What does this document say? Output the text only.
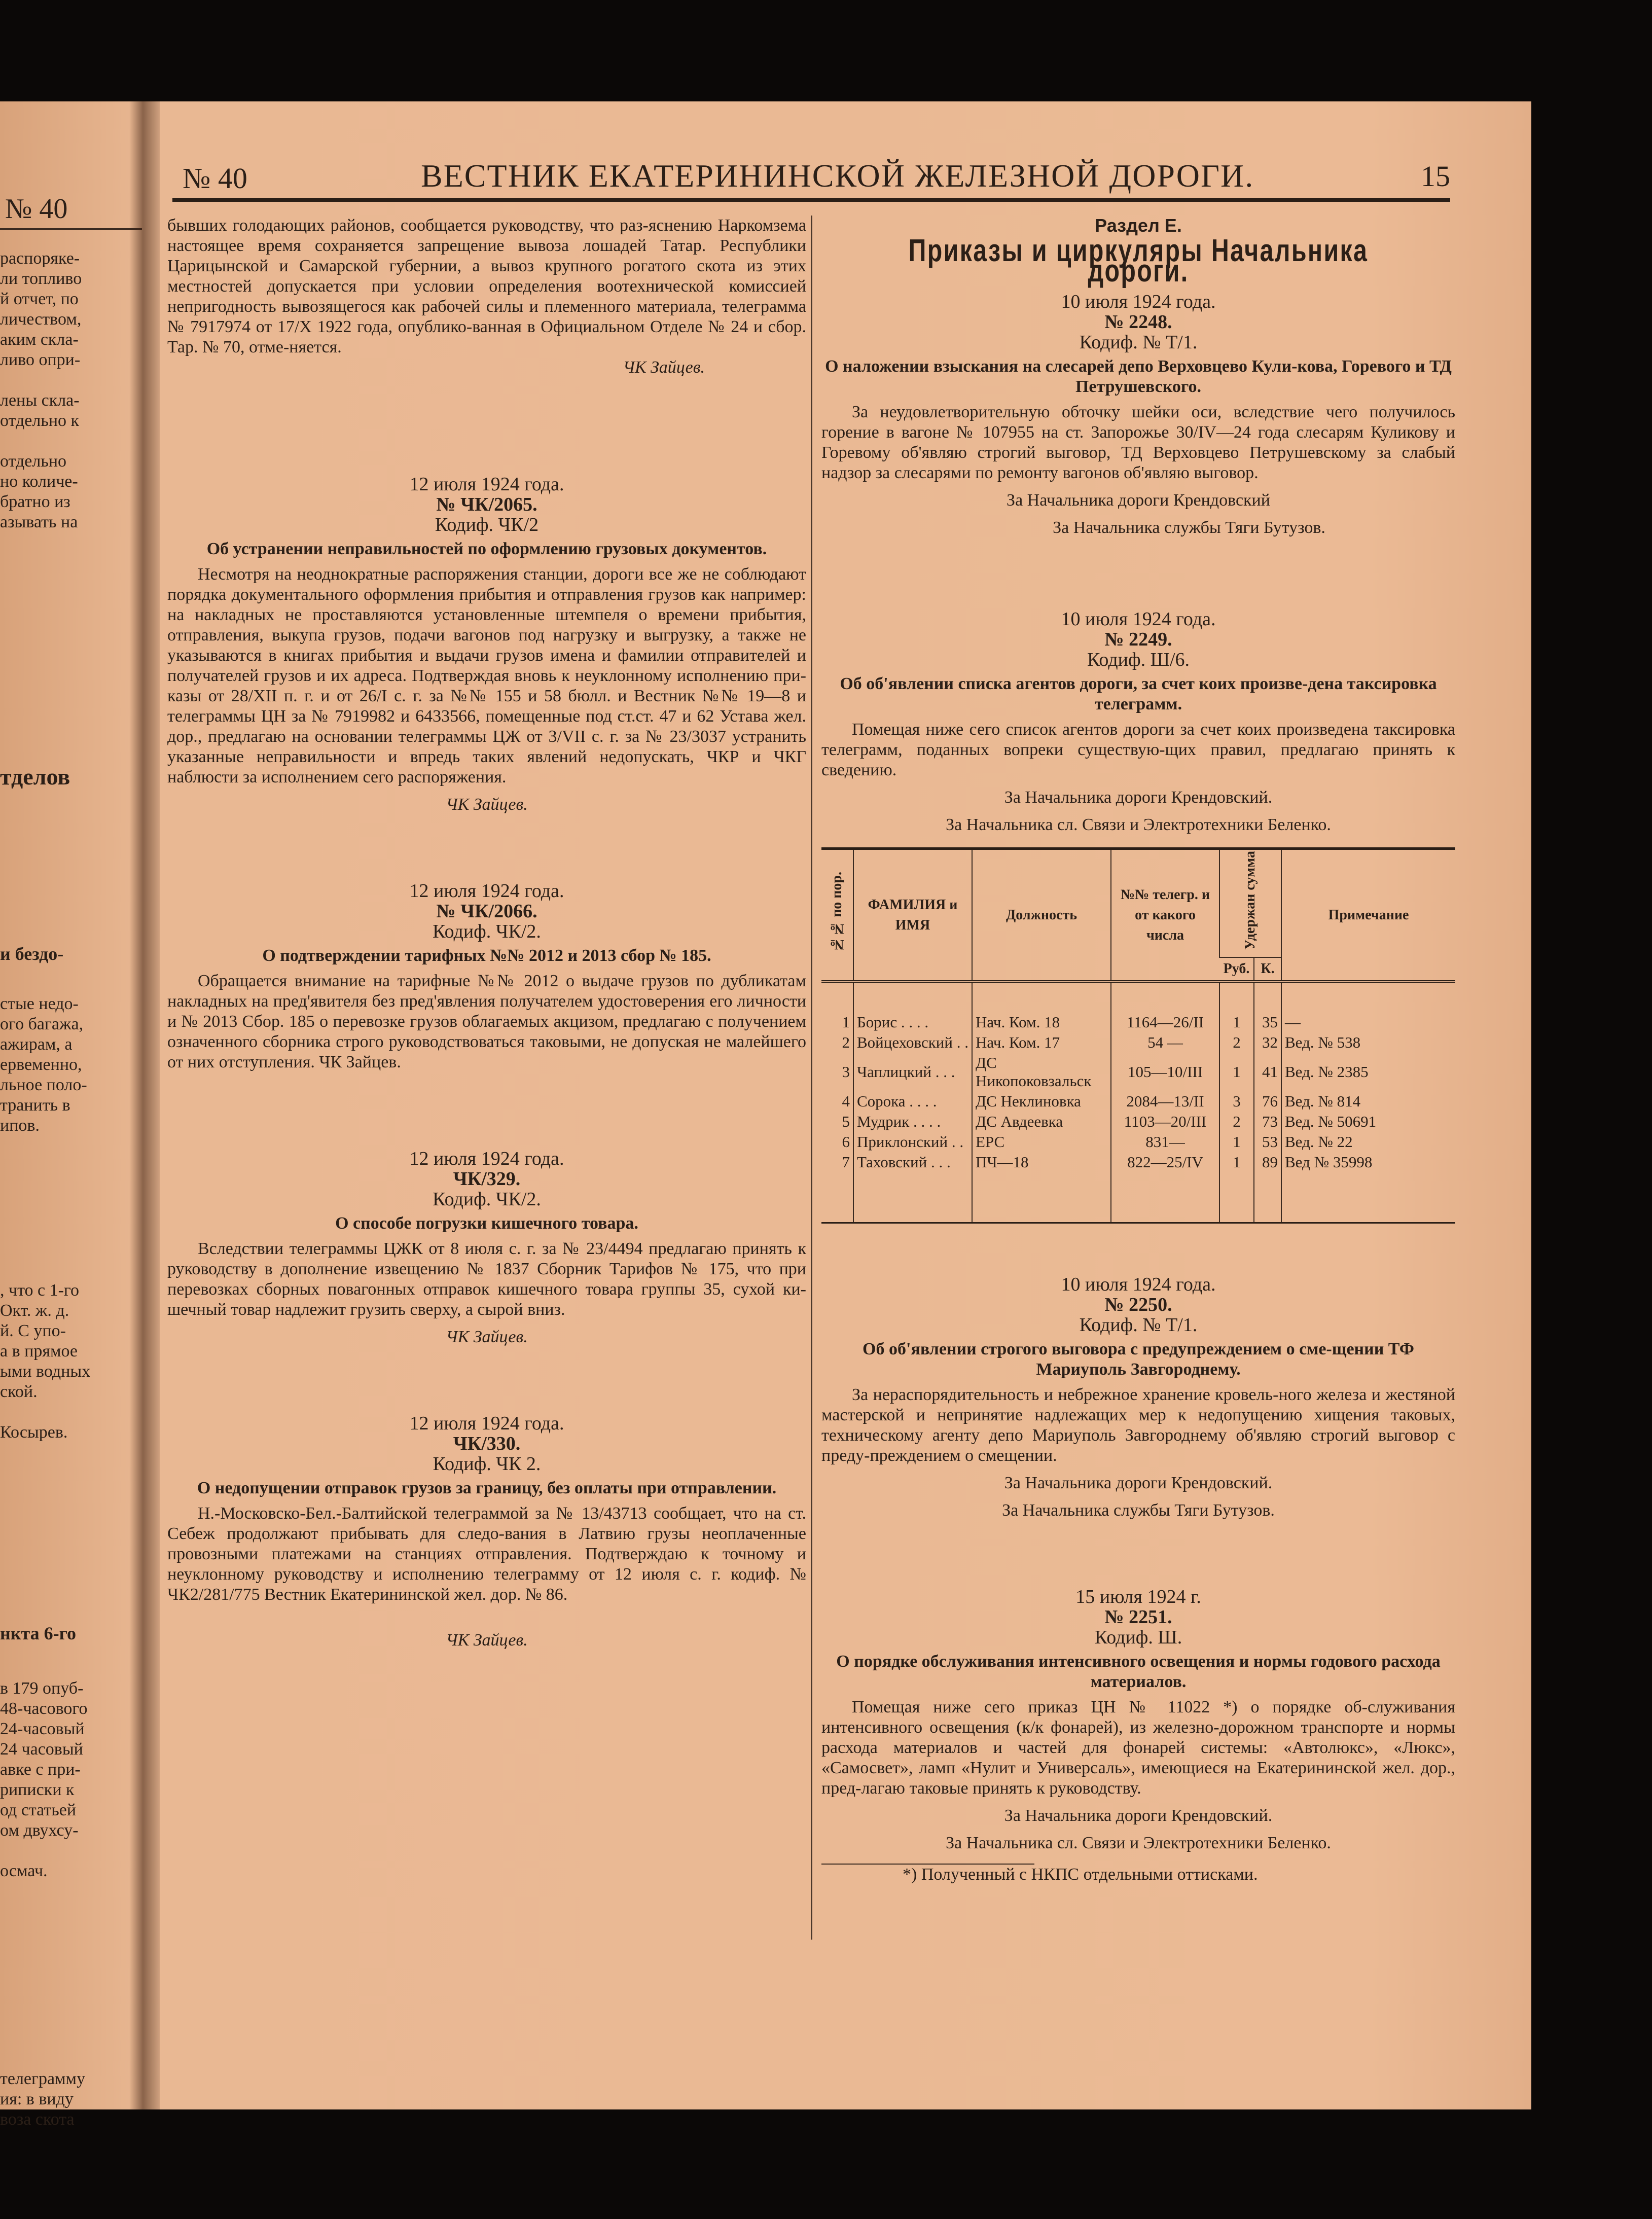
№ 40
распоряке-
ли топливо
й отчет, по
личеством,
аким скла-
ливо опри-

лены скла-
отдельно к

отдельно
но количе-
братно из
азывать на
тделов
и бездо-
стые недо-
ого багажа,
ажирам, а
ервеменно,
льное поло-
транить в
ипов.
, что с 1-го
Окт. ж. д.
й. С упо-
а в прямое
ыми водных
ской.

Косырев.
нкта 6-го
в 179 опуб-
48-часового
24-часовый
24 часовый
авке с при-
рипиcки к
од статьей
ом двухсу-

осмач.
телеграмму
ия: в виду
воза скота
№ 40	ВЕСТНИК ЕКАТЕРИНИНСКОЙ ЖЕЛЕЗНОЙ ДОРОГИ.	15

бывших голодающих районов, сообщается руководству, что раз-яснению Наркомзема настоящее время сохраняется запрещение вывоза лошадей Татар. Республики Царицынской и Самарской губернии, а вывоз крупного рогатого скота из этих местностей допускается при условии определения воотехнической комиссией непригодность вывозящегося как рабочей силы и племенного материала, телеграмма № 7917974 от 17/X 1922 года, опублико-ванная в Официальном Отделе № 24 и сбор. Тар. № 70, отме-няется.

ЧК Зайцев.
12 июля 1924 года.
№ ЧК/2065.
Кодиф. ЧК/2
Об устранении неправильностей по оформлению грузовых документов.

Несмотря на неоднократные распоряжения станции, дороги все же не соблюдают порядка документального оформления прибытия и отправления грузов как например: на накладных не проставляются установленные штемпеля о времени прибытия, отправления, выкупа грузов, подачи вагонов под нагрузку и выгрузку, а также не указываются в книгах прибытия и выдачи грузов имена и фамилии отправителей и получателей грузов и их адреса. Подтверждая вновь к неуклонному исполнению при-казы от 28/XII п. г. и от 26/I с. г. за №№ 155 и 58 бюлл. и Вестник №№ 19—8 и телеграммы ЦН за № 7919982 и 6433566, помещенные под ст.ст. 47 и 62 Устава жел. дор., предлагаю на основании телеграммы ЦЖ от 3/VII с. г. за № 23/3037 устранить указанные неправильности и впредь таких явлений недопускать, ЧКР и ЧКГ наблюсти за исполнением сего распоряжения.

ЧК Зайцев.
12 июля 1924 года.
№ ЧК/2066.
Кодиф. ЧК/2.
О подтверждении тарифных №№ 2012 и 2013 сбор № 185.

Обращается внимание на тарифные №№ 2012 о выдаче грузов по дубликатам накладных на пред'явителя без пред'явления получателем удостоверения его личности и № 2013 Сбор. 185 о перевозке грузов облагаемых акцизом, предлагаю с получением означенного сборника строго руководствоваться таковыми, не допуская не малейшего от них отступления. ЧК Зайцев.

12 июля 1924 года.
ЧК/329.
Кодиф. ЧК/2.
О способе погрузки кишечного товара.

Вследствии телеграммы ЦЖК от 8 июля с. г. за № 23/4494 предлагаю принять к руководству в дополнение извещению № 1837 Сборник Тарифов № 175, что при перевозках сборных повагонных отправок кишечного товара группы 35, сухой ки-шечный товар надлежит грузить сверху, а сырой вниз.

ЧК Зайцев.
12 июля 1924 года.
ЧК/330.
Кодиф. ЧК 2.
О недопущении отправок грузов за границу, без оплаты при отправлении.

Н.-Московско-Бел.-Балтийской телеграммой за № 13/43713 сообщает, что на ст. Себеж продолжают прибывать для следо-вания в Латвию грузы неоплаченные провозными платежами на станциях отправления. Подтверждаю к точному и неуклонному руководству и исполнению телеграмму от 12 июля с. г. кодиф. № ЧК2/281/775 Вестник Екатерининской жел. дор. № 86.

ЧК Зайцев.
Раздел Е.
Приказы и циркуляры Начальника дороги.
10 июля 1924 года.
№ 2248.
Кодиф. № Т/1.
О наложении взыскания на слесарей депо Верховцево Кули-кова, Горевого и ТД Петрушевского.

За неудовлетворительную обточку шейки оси, вследствие чего получилось горение в вагоне № 107955 на ст. Запорожье 30/IV—24 года слесарям Куликову и Горевому об'являю строгий выговор, ТД Верховцево Петрушевскому за слабый надзор за слесарями по ремонту вагонов об'являю выговор.

За Начальника дороги Крендовский
За Начальника службы Тяги Бутузов.
10 июля 1924 года.
№ 2249.
Кодиф. Ш/6.
Об об'явлении списка агентов дороги, за счет коих произве-дена таксировка телеграмм.

Помещая ниже сего список агентов дороги за счет коих произведена таксировка телеграмм, поданных вопреки существую-щих правил, предлагаю принять к сведению.

За Начальника дороги Крендовский.
За Начальника сл. Связи и Электротехники Беленко.
№№ по пор.	ФАМИЛИЯ и ИМЯ	Должность	№№ телегр. и от какого числа	Удержан сумма		Примечание
				Руб.	К.	
1	Борис . . . .	Нач. Ком. 18	1164—26/II	1	35	—
2	Войцеховский . .	Нач. Ком. 17	54 —	2	32	Вед. № 538
3	Чаплицкий . . .	ДС Никопоковзальск	105—10/III	1	41	Вед. № 2385
4	Сорока . . . .	ДС Неклиновка	2084—13/II	3	76	Вед. № 814
5	Мудрик . . . .	ДС Авдеевка	1103—20/III	2	73	Вед. № 50691
6	Приклонский . .	ЕРС	831—	1	53	Вед. № 22
7	Таховский . . .	ПЧ—18	822—25/IV	1	89	Вед № 35998
10 июля 1924 года.
№ 2250.
Кодиф. № Т/1.
Об об'явлении строгого выговора с предупреждением о сме-щении ТФ Мариуполь Завгороднему.

За нераспорядительность и небрежное хранение кровель-ного железа и жестяной мастерской и непринятие надлежащих мер к недопущению хищения таковых, техническому агенту депо Мариуполь Завгороднему об'являю строгий выговор с преду-преждением о смещении.

За Начальника дороги Крендовский.
За Начальника службы Тяги Бутузов.
15 июля 1924 г.
№ 2251.
Кодиф. Ш.
О порядке обслуживания интенсивного освещения и нормы годового расхода материалов.

Помещая ниже сего приказ ЦН № 11022 *) о порядке об-служивания интенсивного освещения (к/к фонарей), из железно-дорожном транспорте и нормы расхода материалов и частей для фонарей системы: «Автолюкс», «Люкс», «Самосвет», ламп «Нулит и Универсаль», имеющиеся на Екатерининской жел. дор., пред-лагаю таковые принять к руководству.

За Начальника дороги Крендовский.
За Начальника сл. Связи и Электротехники Беленко.
*) Полученный с НКПС отдельными оттисками.
